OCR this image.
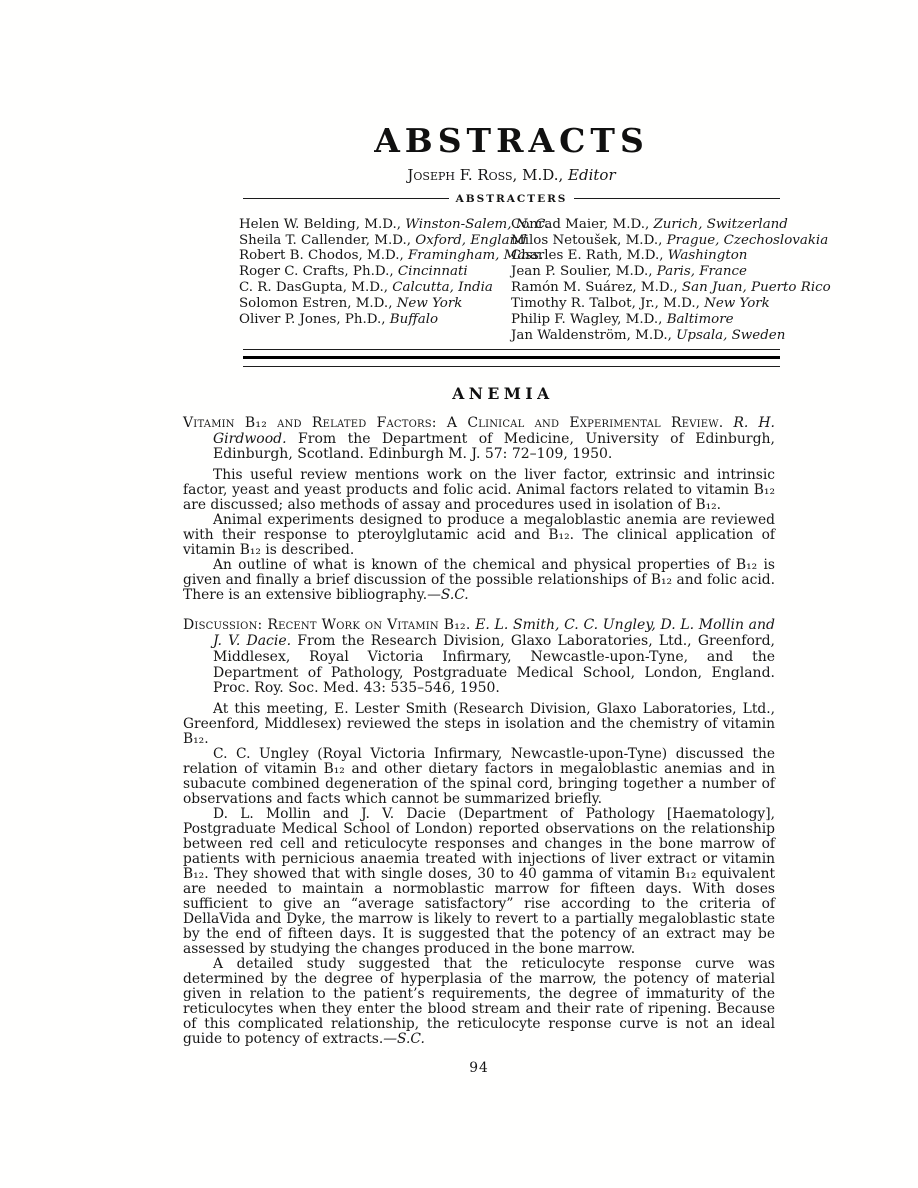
ABSTRACTS
Joseph F. Ross, M.D., Editor
ABSTRACTERS
Helen W. Belding, M.D., Winston-Salem, N. C.
Sheila T. Callender, M.D., Oxford, England
Robert B. Chodos, M.D., Framingham, Mass.
Roger C. Crafts, Ph.D., Cincinnati
C. R. DasGupta, M.D., Calcutta, India
Solomon Estren, M.D., New York
Oliver P. Jones, Ph.D., Buffalo
Conrad Maier, M.D., Zurich, Switzerland
Milos Netoušek, M.D., Prague, Czechoslovakia
Charles E. Rath, M.D., Washington
Jean P. Soulier, M.D., Paris, France
Ramón M. Suárez, M.D., San Juan, Puerto Rico
Timothy R. Talbot, Jr., M.D., New York
Philip F. Wagley, M.D., Baltimore
Jan Waldenström, M.D., Upsala, Sweden
ANEMIA

Vitamin B₁₂ and Related Factors: A Clinical and Experimental Review. R. H. Girdwood. From the Department of Medicine, University of Edinburgh, Edinburgh, Scotland. Edinburgh M. J. 57: 72–109, 1950.

This useful review mentions work on the liver factor, extrinsic and intrinsic factor, yeast and yeast products and folic acid. Animal factors related to vitamin B₁₂ are discussed; also methods of assay and procedures used in isolation of B₁₂.

Animal experiments designed to produce a megaloblastic anemia are reviewed with their response to pteroylglutamic acid and B₁₂. The clinical application of vitamin B₁₂ is described.

An outline of what is known of the chemical and physical properties of B₁₂ is given and finally a brief discussion of the possible relationships of B₁₂ and folic acid. There is an extensive bibliography.—S.C.

Discussion: Recent Work on Vitamin B₁₂. E. L. Smith, C. C. Ungley, D. L. Mollin and J. V. Dacie. From the Research Division, Glaxo Laboratories, Ltd., Greenford, Middlesex, Royal Victoria Infirmary, Newcastle-upon-Tyne, and the Department of Pathology, Postgraduate Medical School, London, England. Proc. Roy. Soc. Med. 43: 535–546, 1950.

At this meeting, E. Lester Smith (Research Division, Glaxo Laboratories, Ltd., Greenford, Middlesex) reviewed the steps in isolation and the chemistry of vitamin B₁₂.

C. C. Ungley (Royal Victoria Infirmary, Newcastle-upon-Tyne) discussed the relation of vitamin B₁₂ and other dietary factors in megaloblastic anemias and in subacute combined degeneration of the spinal cord, bringing together a number of observations and facts which cannot be summarized briefly.

D. L. Mollin and J. V. Dacie (Department of Pathology [Haematology], Postgraduate Medical School of London) reported observations on the relationship between red cell and reticulocyte responses and changes in the bone marrow of patients with pernicious anaemia treated with injections of liver extract or vitamin B₁₂. They showed that with single doses, 30 to 40 gamma of vitamin B₁₂ equivalent are needed to maintain a normoblastic marrow for fifteen days. With doses sufficient to give an “average satisfactory” rise according to the criteria of DellaVida and Dyke, the marrow is likely to revert to a partially megaloblastic state by the end of fifteen days. It is suggested that the potency of an extract may be assessed by studying the changes produced in the bone marrow.

A detailed study suggested that the reticulocyte response curve was determined by the degree of hyperplasia of the marrow, the potency of material given in relation to the patient’s requirements, the degree of immaturity of the reticulocytes when they enter the blood stream and their rate of ripening. Because of this complicated relationship, the reticulocyte response curve is not an ideal guide to potency of extracts.—S.C.

94
